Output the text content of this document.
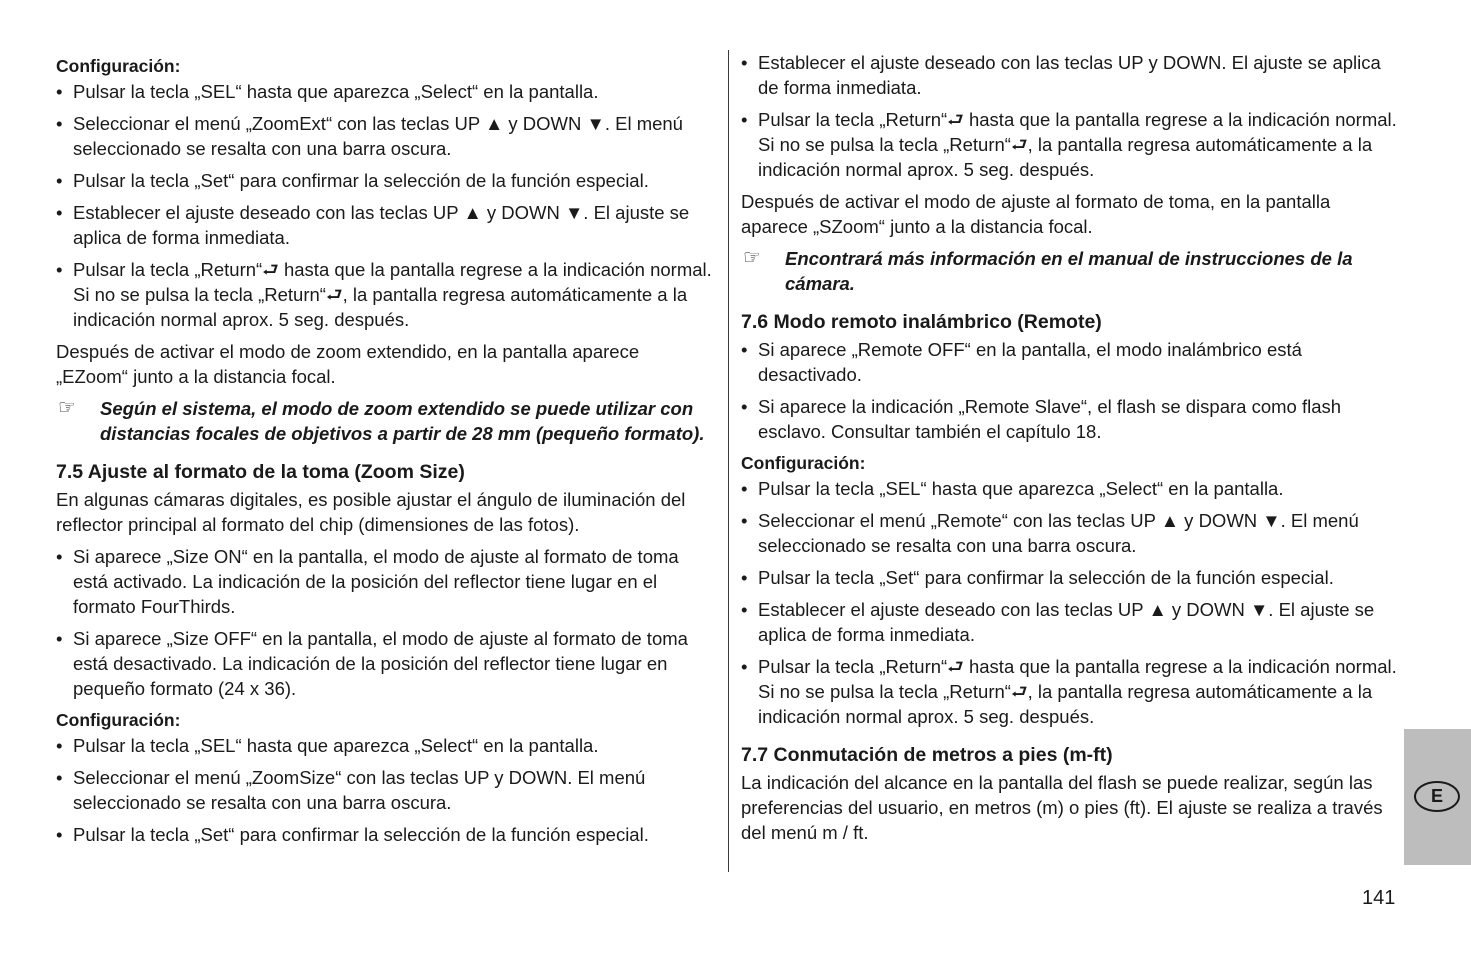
Configuración:
• Pulsar la tecla „SEL“ hasta que aparezca „Select“ en la pantalla.
• Seleccionar el menú „ZoomExt“ con las teclas UP ▲ y DOWN ▼. El menú seleccionado se resalta con una barra oscura.
• Pulsar la tecla „Set“ para confirmar la selección de la función especial.
• Establecer el ajuste deseado con las teclas UP ▲ y DOWN ▼. El ajuste se aplica de forma inmediata.
• Pulsar la tecla „Return“⮐ hasta que la pantalla regrese a la indicación normal. Si no se pulsa la tecla „Return“⮐, la pantalla regresa automáticamente a la indicación normal aprox. 5 seg. después.

Después de activar el modo de zoom extendido, en la pantalla aparece „EZoom“ junto a la distancia focal.

☞	Según el sistema, el modo de zoom extendido se puede utilizar con distancias focales de objetivos a partir de 28 mm (pequeño formato).
7.5 Ajuste al formato de la toma (Zoom Size)

En algunas cámaras digitales, es posible ajustar el ángulo de iluminación del reflector principal al formato del chip (dimensiones de las fotos).

• Si aparece „Size ON“ en la pantalla, el modo de ajuste al formato de toma está activado. La indicación de la posición del reflector tiene lugar en el formato FourThirds.
• Si aparece „Size OFF“ en la pantalla, el modo de ajuste al formato de toma está desactivado. La indicación de la posición del reflector tiene lugar en pequeño formato (24 x 36).
Configuración:
• Pulsar la tecla „SEL“ hasta que aparezca „Select“ en la pantalla.
• Seleccionar el menú „ZoomSize“ con las teclas UP y DOWN. El menú seleccionado se resalta con una barra oscura.
• Pulsar la tecla „Set“ para confirmar la selección de la función especial.
• Establecer el ajuste deseado con las teclas UP y DOWN. El ajuste se aplica de forma inmediata.
• Pulsar la tecla „Return“⮐ hasta que la pantalla regrese a la indicación normal. Si no se pulsa la tecla „Return“⮐, la pantalla regresa automáticamente a la indicación normal aprox. 5 seg. después.

Después de activar el modo de ajuste al formato de toma, en la pantalla aparece „SZoom“ junto a la distancia focal.

☞	Encontrará más información en el manual de instrucciones de la cámara.
7.6 Modo remoto inalámbrico (Remote)
• Si aparece „Remote OFF“ en la pantalla, el modo inalámbrico está desactivado.
• Si aparece la indicación „Remote Slave“, el flash se dispara como flash esclavo. Consultar también el capítulo 18.
Configuración:
• Pulsar la tecla „SEL“ hasta que aparezca „Select“ en la pantalla.
• Seleccionar el menú „Remote“ con las teclas UP ▲ y DOWN ▼. El menú seleccionado se resalta con una barra oscura.
• Pulsar la tecla „Set“ para confirmar la selección de la función especial.
• Establecer el ajuste deseado con las teclas UP ▲ y DOWN ▼. El ajuste se aplica de forma inmediata.
• Pulsar la tecla „Return“⮐ hasta que la pantalla regrese a la indicación normal. Si no se pulsa la tecla „Return“⮐, la pantalla regresa automáticamente a la indicación normal aprox. 5 seg. después.
7.7 Conmutación de metros a pies (m-ft)

La indicación del alcance en la pantalla del flash se puede realizar, según las preferencias del usuario, en metros (m) o pies (ft). El ajuste se realiza a través del menú m / ft.

E
141
